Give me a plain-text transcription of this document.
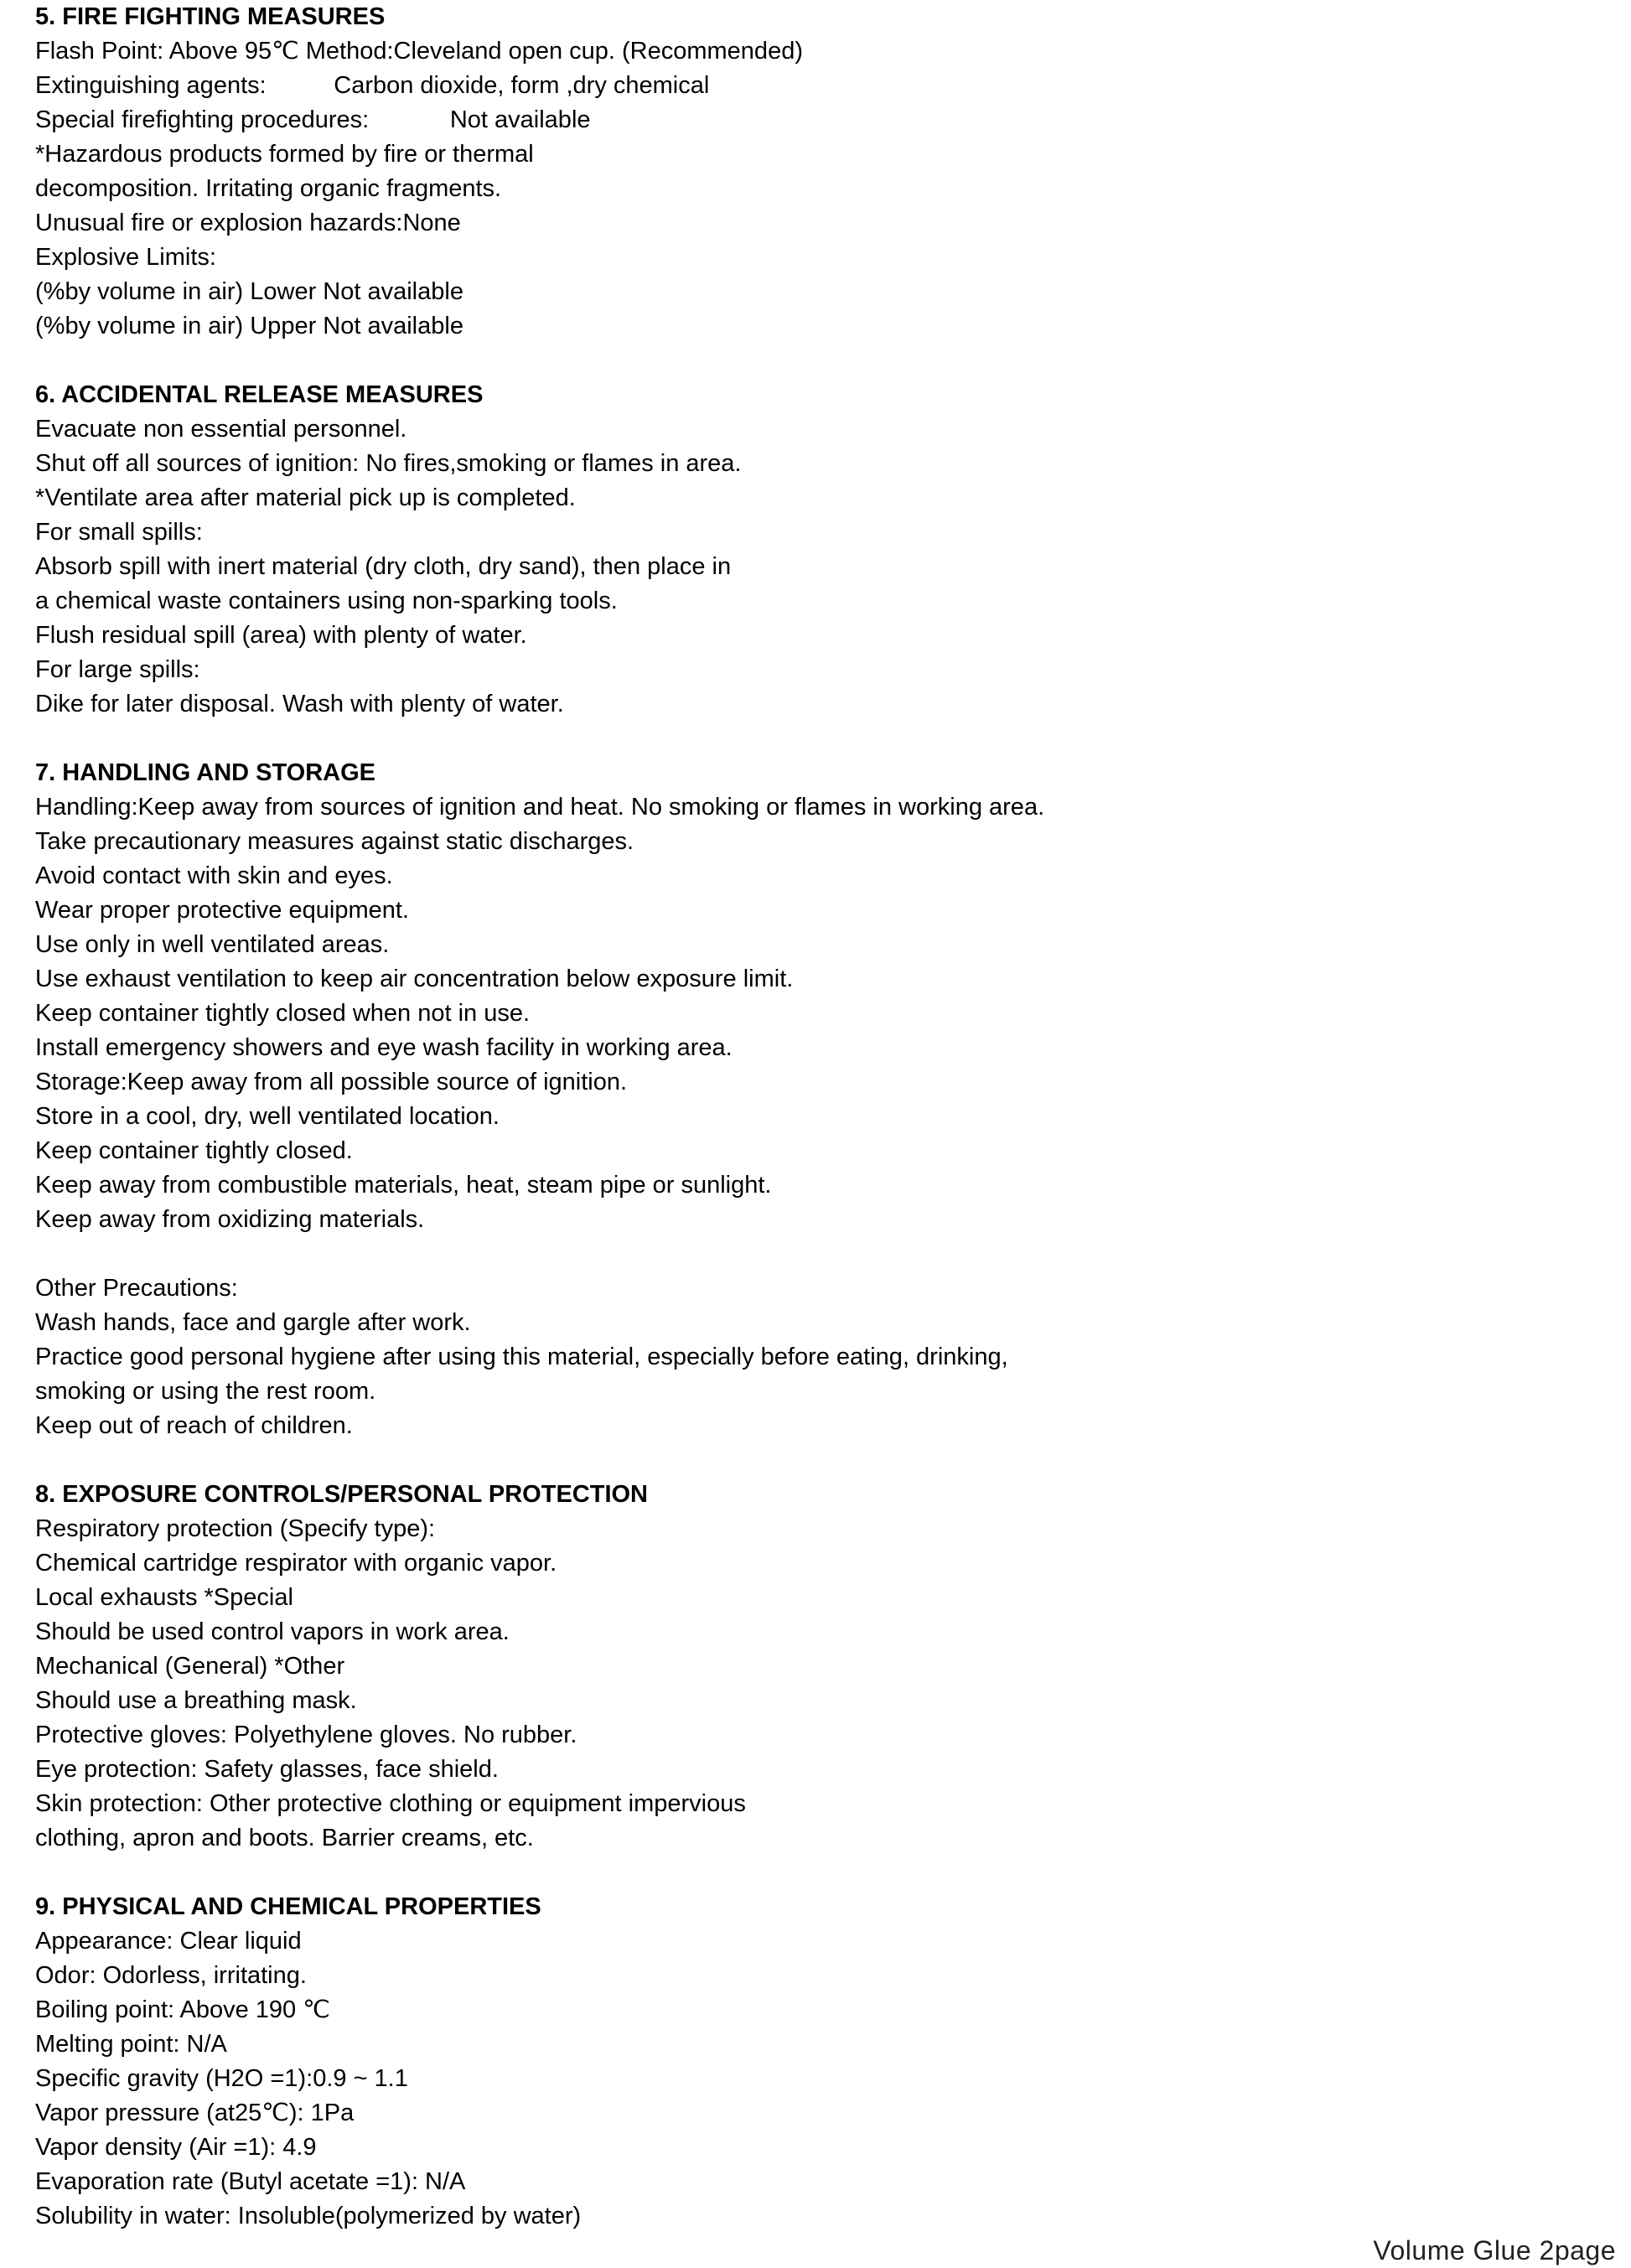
5. FIRE FIGHTING MEASURES
Flash Point: Above 95℃ Method:Cleveland open cup. (Recommended)
Extinguishing agents:          Carbon dioxide, form ,dry chemical
Special firefighting procedures:            Not available
*Hazardous products formed by fire or thermal
decomposition. Irritating organic fragments.
Unusual fire or explosion hazards:None
Explosive Limits:
(%by volume in air) Lower Not available
(%by volume in air) Upper Not available
6. ACCIDENTAL RELEASE MEASURES
Evacuate non essential personnel.
Shut off all sources of ignition: No fires,smoking or flames in area.
*Ventilate area after material pick up is completed.
For small spills:
Absorb spill with inert material (dry cloth, dry sand), then place in
a chemical waste containers using non-sparking tools.
Flush residual spill (area) with plenty of water.
For large spills:
Dike for later disposal. Wash with plenty of water.
7. HANDLING AND STORAGE
Handling:Keep away from sources of ignition and heat. No smoking or flames in working area.
Take precautionary measures against static discharges.
Avoid contact with skin and eyes.
Wear proper protective equipment.
Use only in well ventilated areas.
Use exhaust ventilation to keep air concentration below exposure limit.
Keep container tightly closed when not in use.
Install emergency showers and eye wash facility in working area.
Storage:Keep away from all possible source of ignition.
Store in a cool, dry, well ventilated location.
Keep container tightly closed.
Keep away from combustible materials, heat, steam pipe or sunlight.
Keep away from oxidizing materials.
Other Precautions:
Wash hands, face and gargle after work.
Practice good personal hygiene after using this material, especially before eating, drinking,
smoking or using the rest room.
Keep out of reach of children.
8. EXPOSURE CONTROLS/PERSONAL PROTECTION
Respiratory protection (Specify type):
Chemical cartridge respirator with organic vapor.
Local exhausts *Special
Should be used control vapors in work area.
Mechanical (General) *Other
Should use a breathing mask.
Protective gloves: Polyethylene gloves. No rubber.
Eye protection: Safety glasses, face shield.
Skin protection: Other protective clothing or equipment impervious
clothing, apron and boots. Barrier creams, etc.
9. PHYSICAL AND CHEMICAL PROPERTIES
Appearance: Clear liquid
Odor: Odorless, irritating.
Boiling point: Above 190 ℃
Melting point: N/A
Specific gravity (H2O =1):0.9 ~ 1.1
Vapor pressure (at25℃): 1Pa
Vapor density (Air =1): 4.9
Evaporation rate (Butyl acetate =1): N/A
Solubility in water: Insoluble(polymerized by water)
Volume Glue 2page
